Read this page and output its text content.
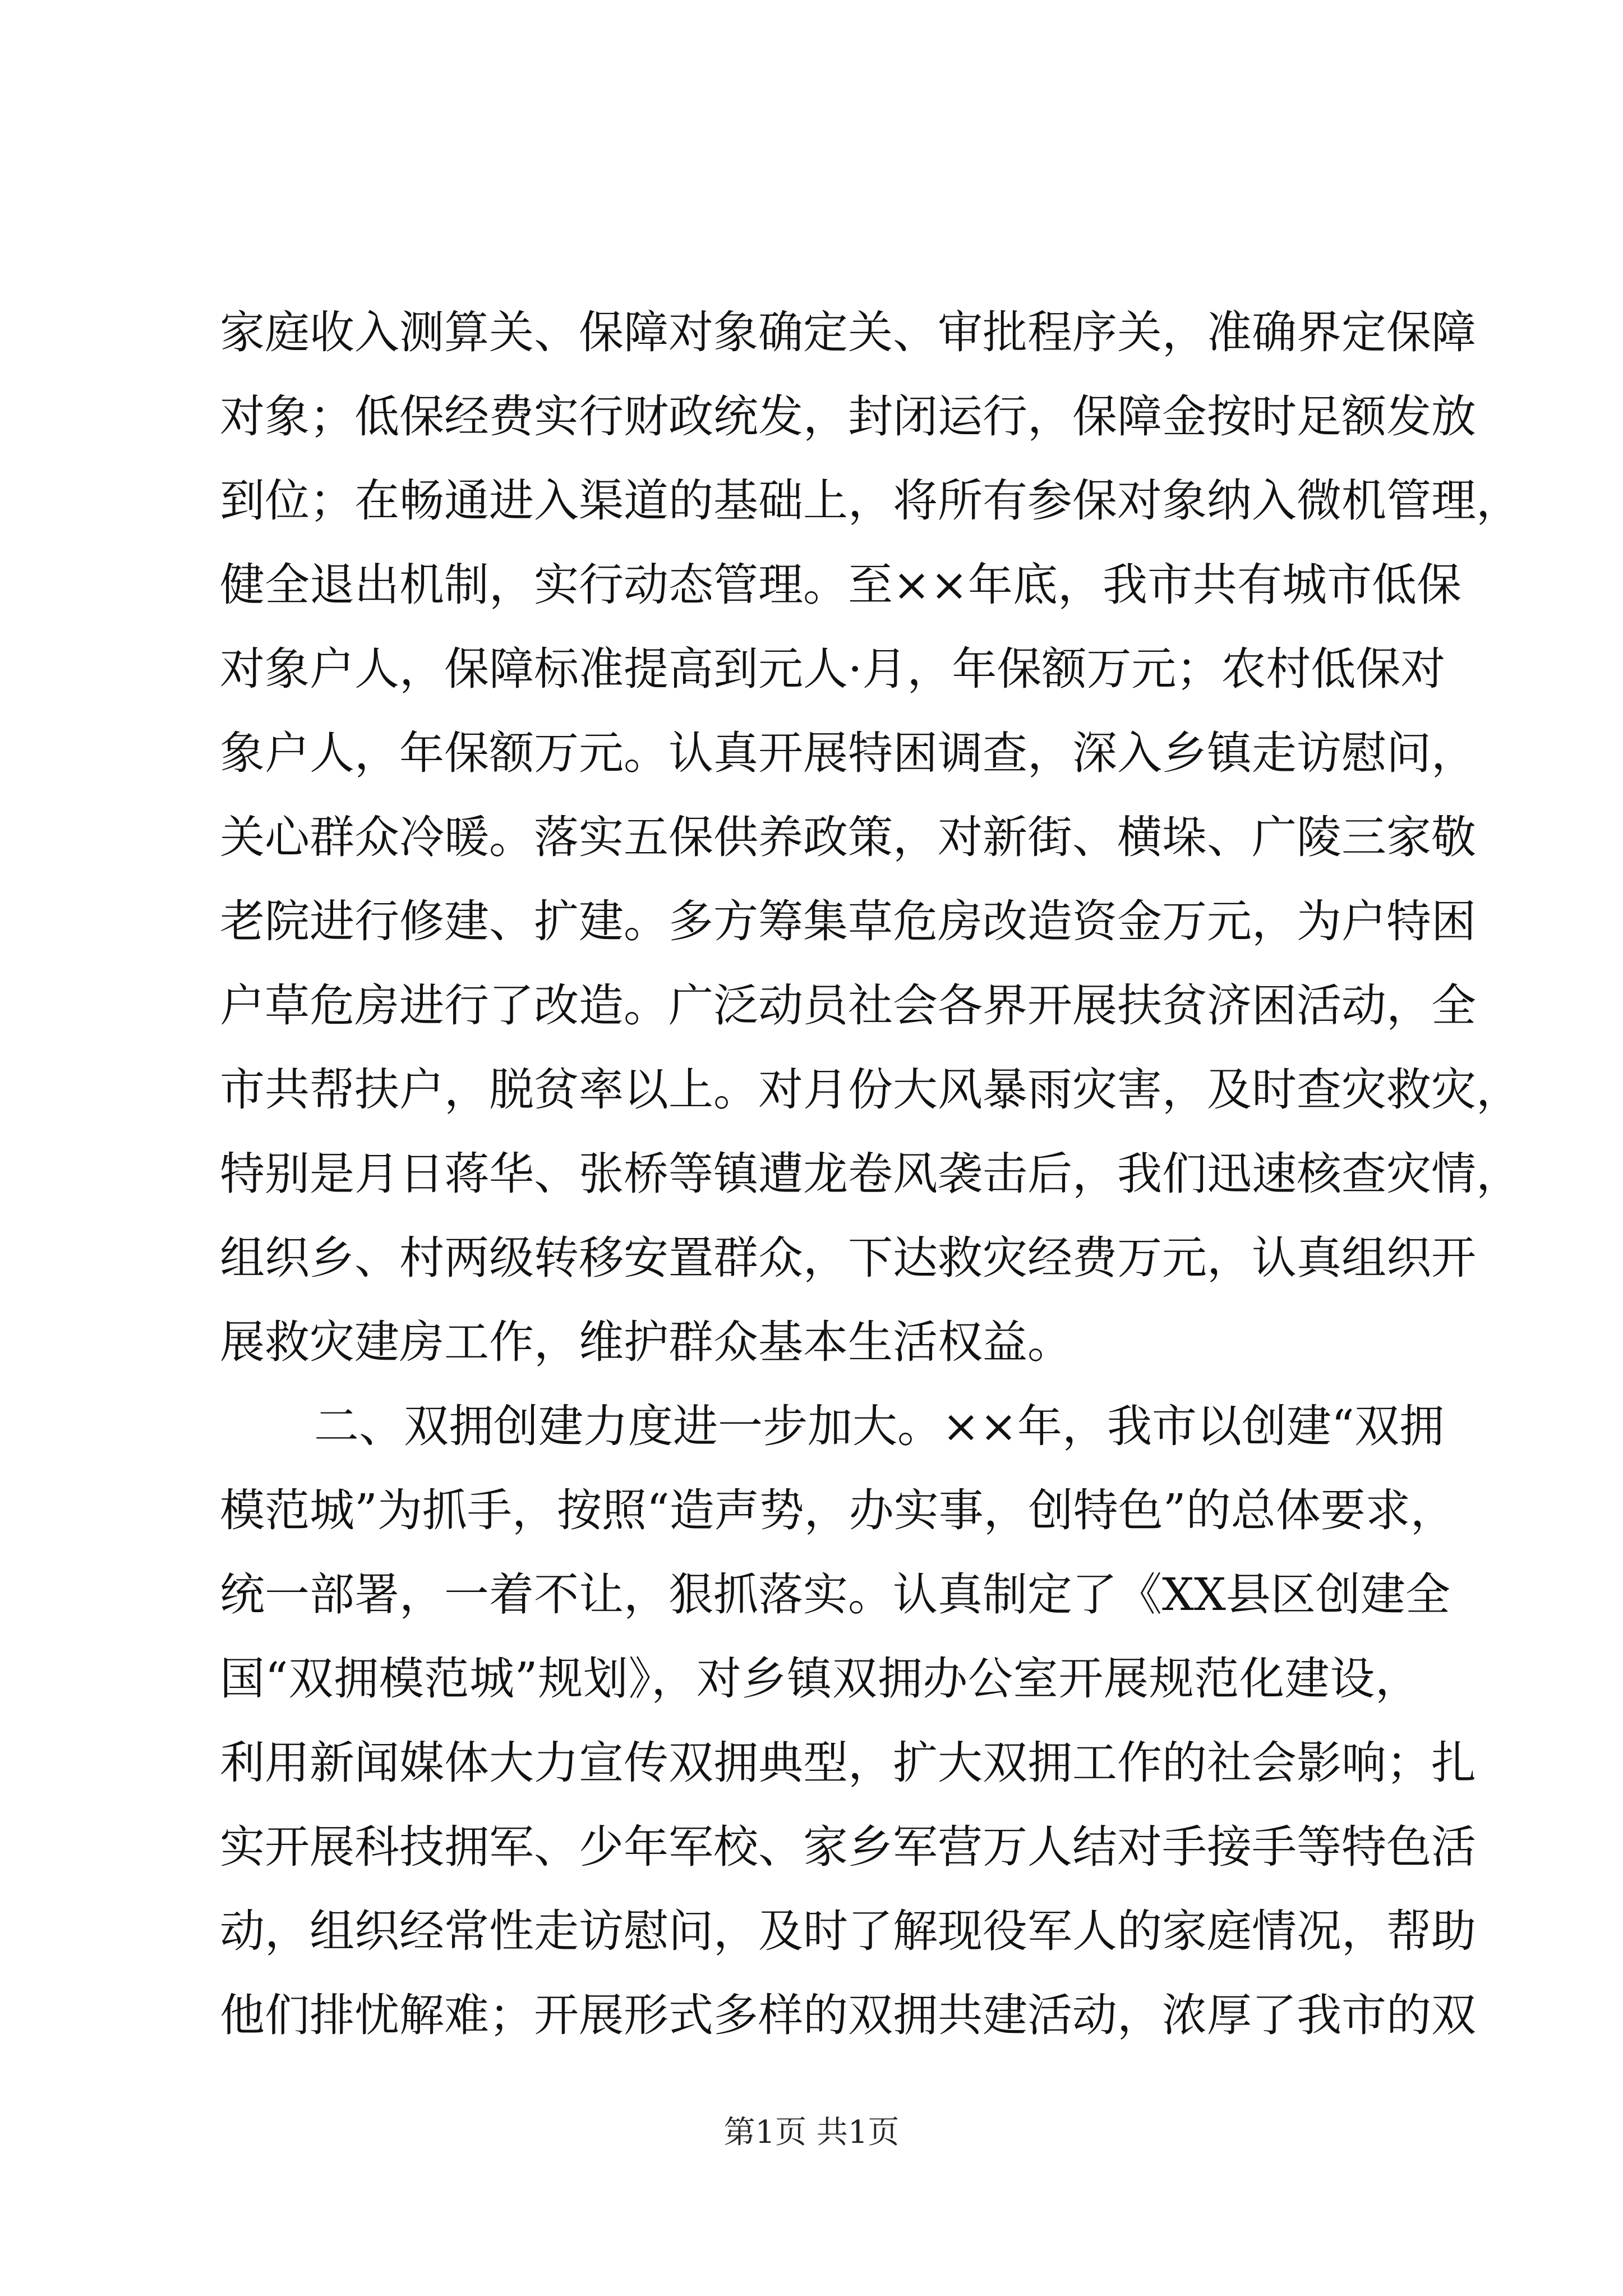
家庭收入测算关、保障对象确定关、审批程序关，准确界定保障
对象；低保经费实行财政统发，封闭运行，保障金按时足额发放
到位；在畅通进入渠道的基础上，将所有参保对象纳入微机管理，
健全退出机制，实行动态管理。至××年底，我市共有城市低保
对象户人，保障标准提高到元人·月，年保额万元；农村低保对
象户人，年保额万元。认真开展特困调查，深入乡镇走访慰问，
关心群众冷暖。落实五保供养政策，对新街、横垛、广陵三家敬
老院进行修建、扩建。多方筹集草危房改造资金万元，为户特困
户草危房进行了改造。广泛动员社会各界开展扶贫济困活动，全
市共帮扶户，脱贫率以上。对月份大风暴雨灾害，及时查灾救灾，
特别是月日蒋华、张桥等镇遭龙卷风袭击后，我们迅速核查灾情，
组织乡、村两级转移安置群众，下达救灾经费万元，认真组织开
展救灾建房工作，维护群众基本生活权益。
二、双拥创建力度进一步加大。××年，我市以创建“双拥
模范城”为抓手，按照“造声势，办实事，创特色”的总体要求，
统一部署，一着不让，狠抓落实。认真制定了《XX县区创建全
国“双拥模范城”规划》，对乡镇双拥办公室开展规范化建设，
利用新闻媒体大力宣传双拥典型，扩大双拥工作的社会影响；扎
实开展科技拥军、少年军校、家乡军营万人结对手接手等特色活
动，组织经常性走访慰问，及时了解现役军人的家庭情况，帮助
他们排忧解难；开展形式多样的双拥共建活动，浓厚了我市的双
第1页 共1页
